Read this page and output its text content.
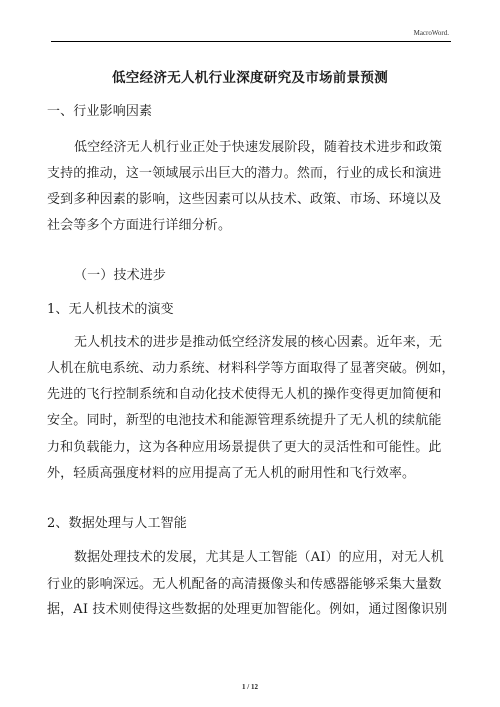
MacroWord.
低空经济无人机行业深度研究及市场前景预测
一、行业影响因素
低空经济无人机行业正处于快速发展阶段，随着技术进步和政策
支持的推动，这一领域展示出巨大的潜力。然而，行业的成长和演进
受到多种因素的影响，这些因素可以从技术、政策、市场、环境以及
社会等多个方面进行详细分析。
（一）技术进步
1、无人机技术的演变
无人机技术的进步是推动低空经济发展的核心因素。近年来，无
人机在航电系统、动力系统、材料科学等方面取得了显著突破。例如，
先进的飞行控制系统和自动化技术使得无人机的操作变得更加简便和
安全。同时，新型的电池技术和能源管理系统提升了无人机的续航能
力和负载能力，这为各种应用场景提供了更大的灵活性和可能性。此
外，轻质高强度材料的应用提高了无人机的耐用性和飞行效率。
2、数据处理与人工智能
数据处理技术的发展，尤其是人工智能（AI）的应用，对无人机
行业的影响深远。无人机配备的高清摄像头和传感器能够采集大量数
据，AI 技术则使得这些数据的处理更加智能化。例如，通过图像识别
1 / 12
